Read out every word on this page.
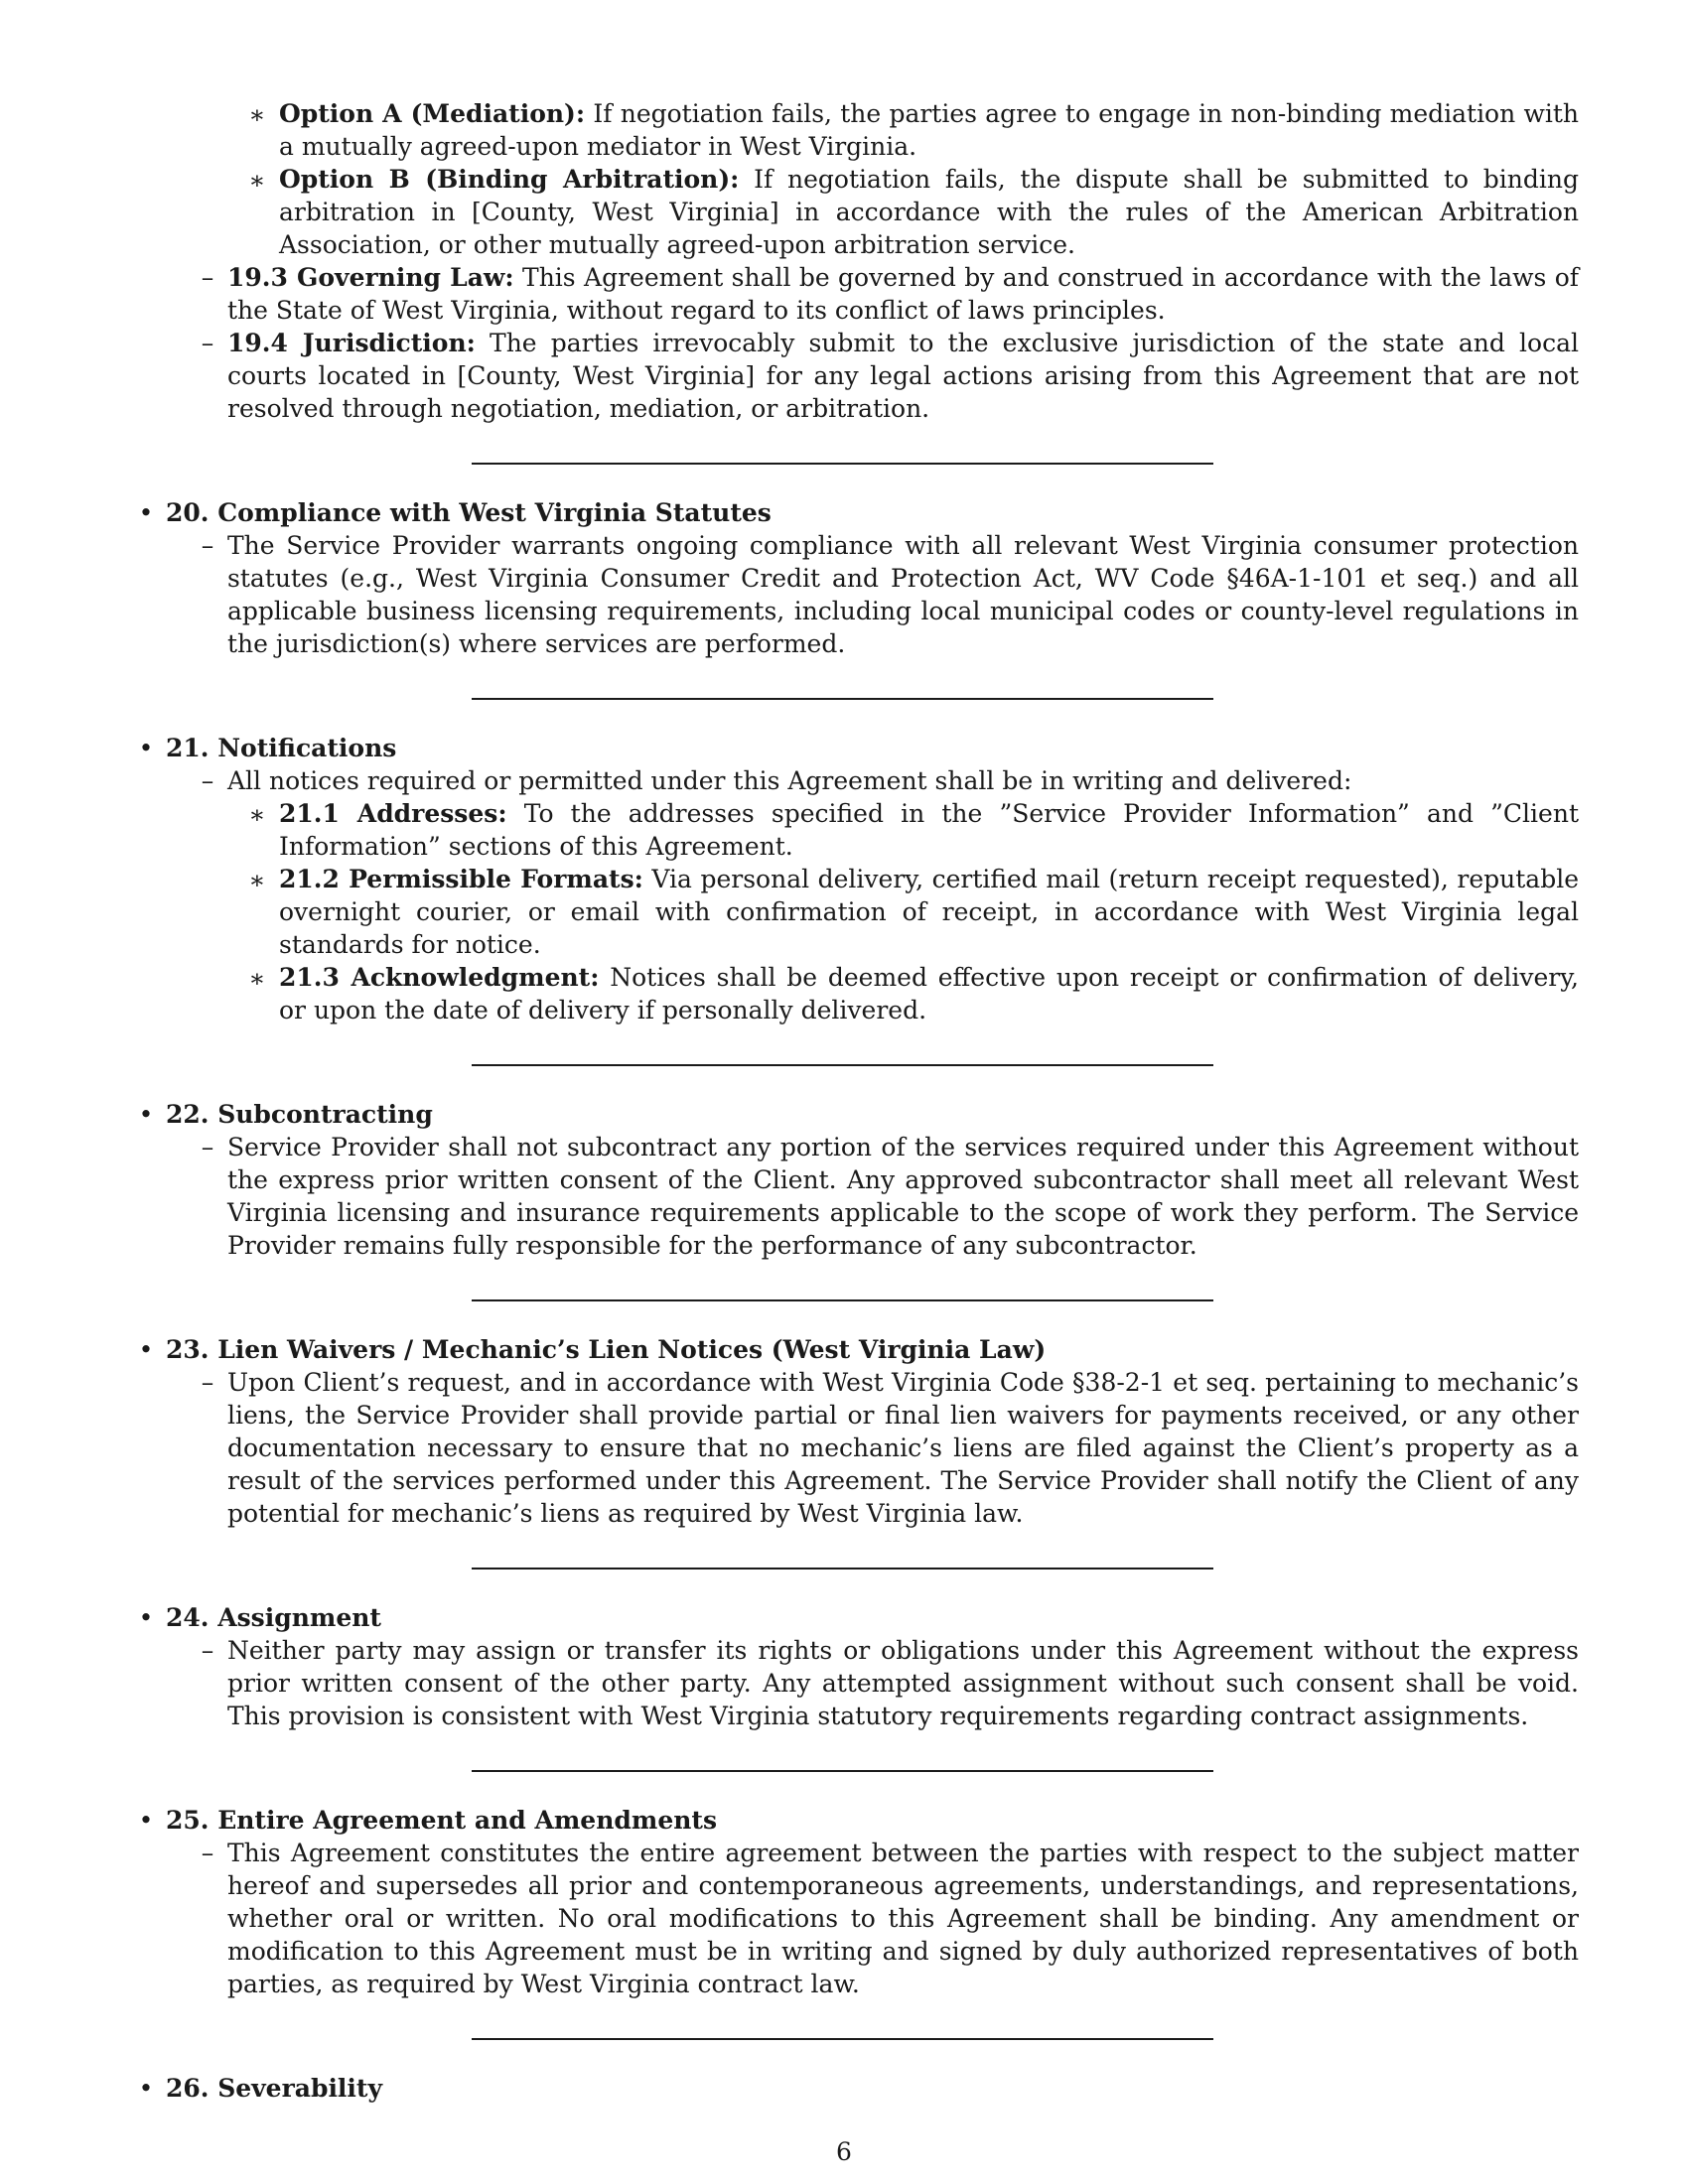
∗ Option A (Mediation): If negotiation fails, the parties agree to engage in non-binding mediation with a mutually agreed-upon mediator in West Virginia.
∗ Option B (Binding Arbitration): If negotiation fails, the dispute shall be submitted to binding arbitration in [County, West Virginia] in accordance with the rules of the American Arbitration Association, or other mutually agreed-upon arbitration service.
– 19.3 Governing Law: This Agreement shall be governed by and construed in accordance with the laws of the State of West Virginia, without regard to its conflict of laws principles.
– 19.4 Jurisdiction: The parties irrevocably submit to the exclusive jurisdiction of the state and local courts located in [County, West Virginia] for any legal actions arising from this Agreement that are not resolved through negotiation, mediation, or arbitration.
• 20. Compliance with West Virginia Statutes
– The Service Provider warrants ongoing compliance with all relevant West Virginia consumer protection statutes (e.g., West Virginia Consumer Credit and Protection Act, WV Code §46A-1-101 et seq.) and all applicable business licensing requirements, including local municipal codes or county-level regulations in the jurisdiction(s) where services are performed.
• 21. Notifications
– All notices required or permitted under this Agreement shall be in writing and delivered:
∗ 21.1 Addresses: To the addresses specified in the ”Service Provider Information” and ”Client Information” sections of this Agreement.
∗ 21.2 Permissible Formats: Via personal delivery, certified mail (return receipt requested), reputable overnight courier, or email with confirmation of receipt, in accordance with West Virginia legal standards for notice.
∗ 21.3 Acknowledgment: Notices shall be deemed effective upon receipt or confirmation of delivery, or upon the date of delivery if personally delivered.
• 22. Subcontracting
– Service Provider shall not subcontract any portion of the services required under this Agreement without the express prior written consent of the Client. Any approved subcontractor shall meet all relevant West Virginia licensing and insurance requirements applicable to the scope of work they perform. The Service Provider remains fully responsible for the performance of any subcontractor.
• 23. Lien Waivers / Mechanic’s Lien Notices (West Virginia Law)
– Upon Client’s request, and in accordance with West Virginia Code §38-2-1 et seq. pertaining to mechanic’s liens, the Service Provider shall provide partial or final lien waivers for payments received, or any other documentation necessary to ensure that no mechanic’s liens are filed against the Client’s property as a result of the services performed under this Agreement. The Service Provider shall notify the Client of any potential for mechanic’s liens as required by West Virginia law.
• 24. Assignment
– Neither party may assign or transfer its rights or obligations under this Agreement without the express prior written consent of the other party. Any attempted assignment without such consent shall be void. This provision is consistent with West Virginia statutory requirements regarding contract assignments.
• 25. Entire Agreement and Amendments
– This Agreement constitutes the entire agreement between the parties with respect to the subject matter hereof and supersedes all prior and contemporaneous agreements, understandings, and representations, whether oral or written. No oral modifications to this Agreement shall be binding. Any amendment or modification to this Agreement must be in writing and signed by duly authorized representatives of both parties, as required by West Virginia contract law.
• 26. Severability
6
